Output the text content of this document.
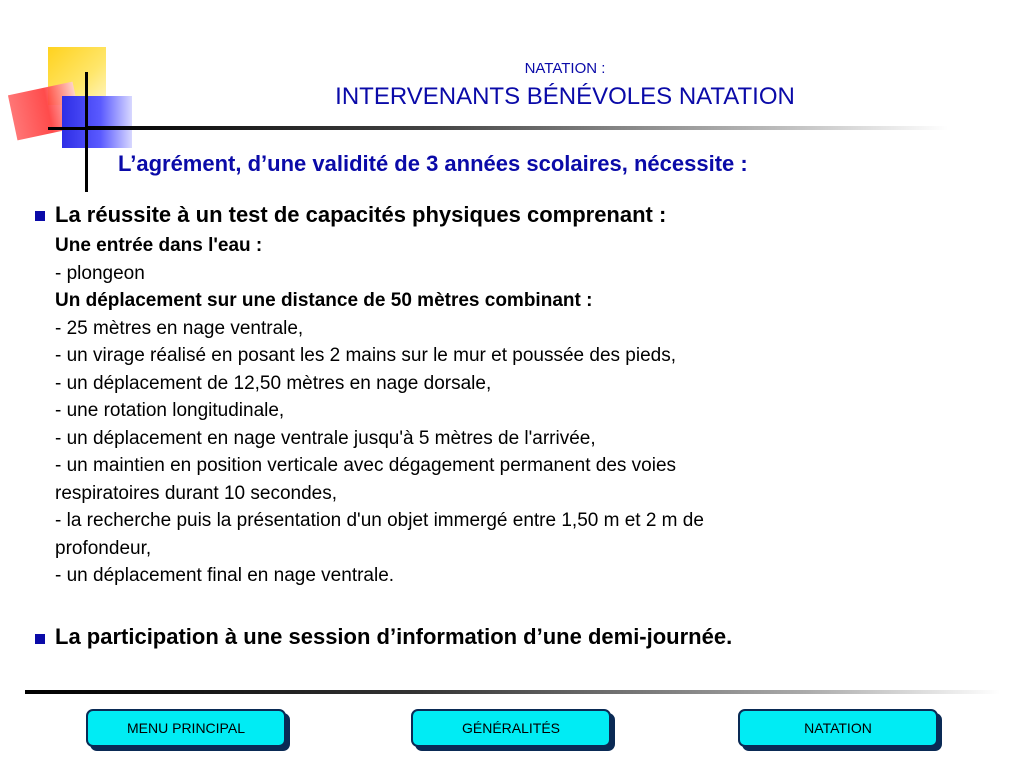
NATATION :
INTERVENANTS BÉNÉVOLES NATATION
L’agrément, d’une validité de 3 années scolaires, nécessite :
La réussite à un test de capacités physiques comprenant :
Une entrée dans l'eau :
- plongeon
Un déplacement sur une distance de 50 mètres combinant :
- 25 mètres en nage ventrale,
- un virage réalisé en posant les 2 mains sur le mur et poussée des pieds,
- un déplacement de 12,50 mètres en nage dorsale,
- une rotation longitudinale,
- un déplacement en nage ventrale jusqu'à 5 mètres de l'arrivée,
- un maintien en position verticale avec dégagement permanent des voies
respiratoires durant 10 secondes,
- la recherche puis la présentation d'un objet immergé entre 1,50 m et 2 m de
profondeur,
- un déplacement final en nage ventrale.
La participation à une session d’information d’une demi-journée.
MENU PRINCIPAL	GÉNÉRALITÉS	NATATION
